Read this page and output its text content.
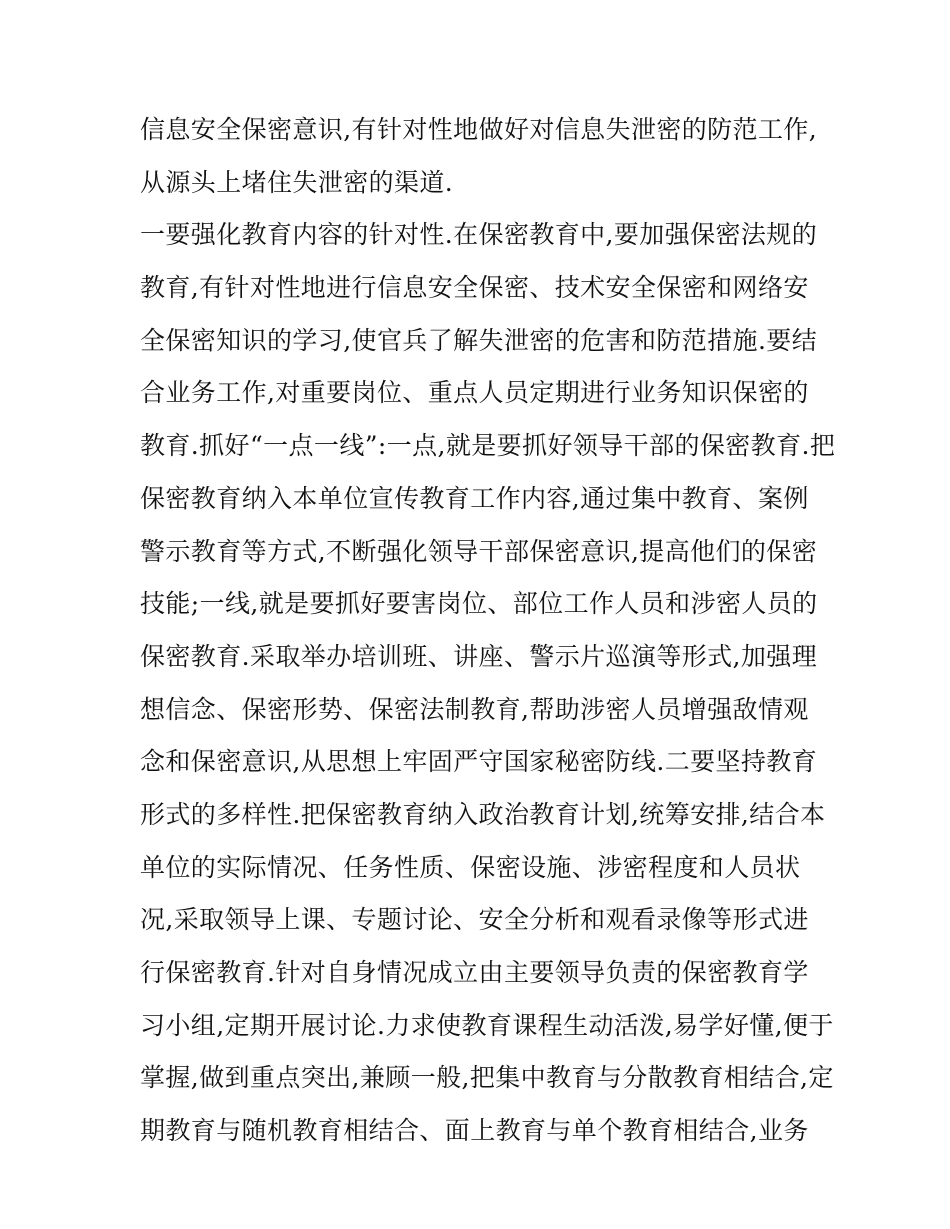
信息安全保密意识,有针对性地做好对信息失泄密的防范工作,
从源头上堵住失泄密的渠道.
一要强化教育内容的针对性.在保密教育中,要加强保密法规的
教育,有针对性地进行信息安全保密、技术安全保密和网络安
全保密知识的学习,使官兵了解失泄密的危害和防范措施.要结
合业务工作,对重要岗位、重点人员定期进行业务知识保密的
教育.抓好“一点一线”:一点,就是要抓好领导干部的保密教育.把
保密教育纳入本单位宣传教育工作内容,通过集中教育、案例
警示教育等方式,不断强化领导干部保密意识,提高他们的保密
技能;一线,就是要抓好要害岗位、部位工作人员和涉密人员的
保密教育.采取举办培训班、讲座、警示片巡演等形式,加强理
想信念、保密形势、保密法制教育,帮助涉密人员增强敌情观
念和保密意识,从思想上牢固严守国家秘密防线.二要坚持教育
形式的多样性.把保密教育纳入政治教育计划,统筹安排,结合本
单位的实际情况、任务性质、保密设施、涉密程度和人员状
况,采取领导上课、专题讨论、安全分析和观看录像等形式进
行保密教育.针对自身情况成立由主要领导负责的保密教育学
习小组,定期开展讨论.力求使教育课程生动活泼,易学好懂,便于
掌握,做到重点突出,兼顾一般,把集中教育与分散教育相结合,定
期教育与随机教育相结合、面上教育与单个教育相结合,业务
